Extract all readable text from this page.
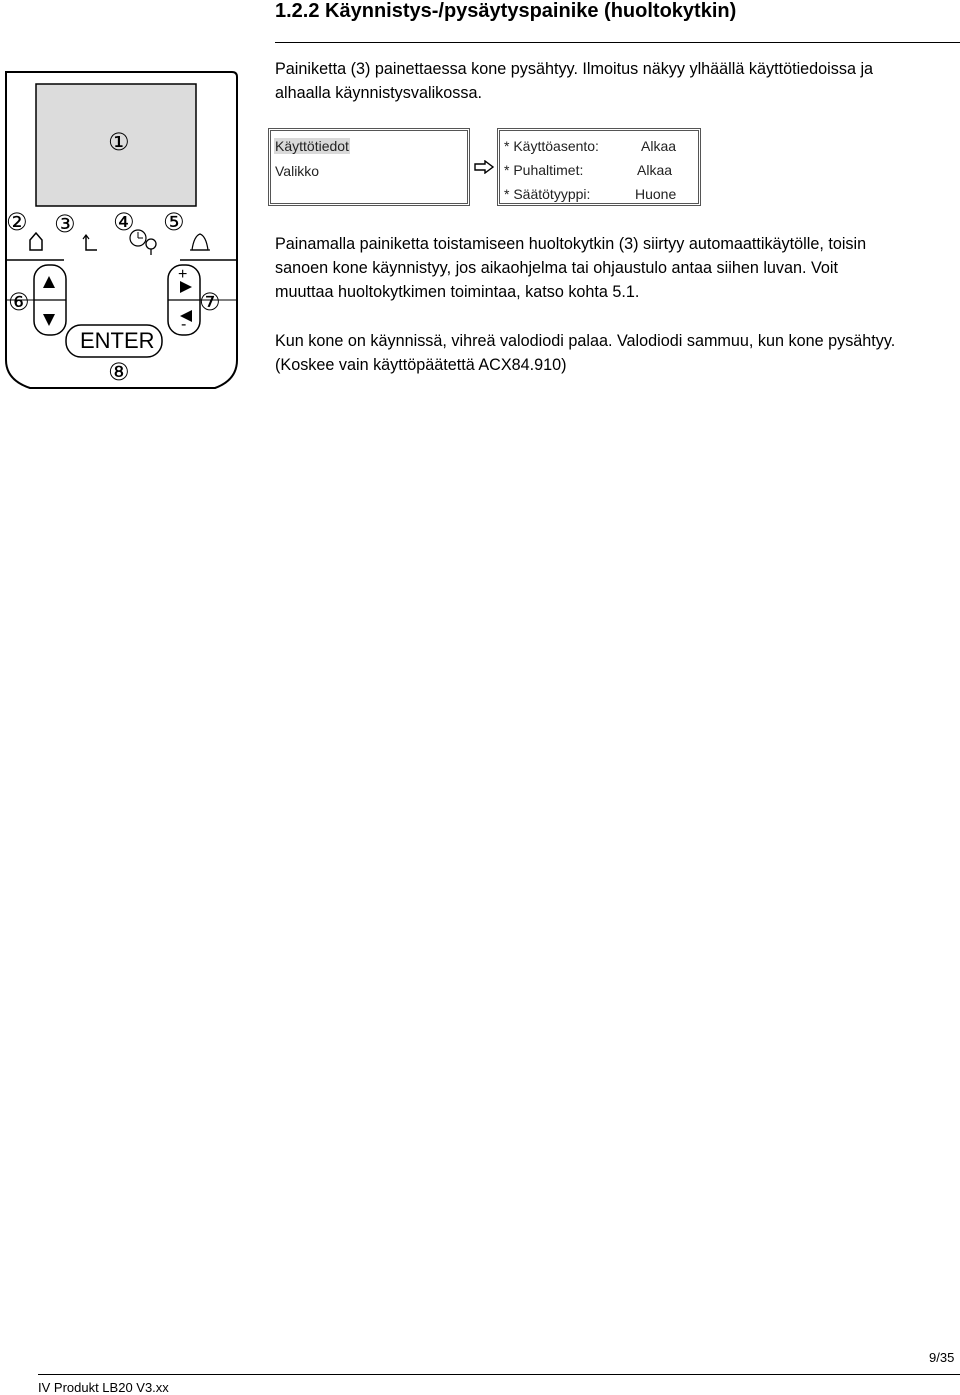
1.2.2 Käynnistys-/pysäytyspainike (huoltokytkin)
Painiketta (3) painettaessa kone pysähtyy. Ilmoitus näkyy ylhäällä käyttötiedoissa ja
alhaalla käynnistysvalikossa.
①
② ③ ④ ⑤
⑥	⑦
⑧
+
-
ENTER
Käyttötiedot
Valikko
* Käyttöasento:	Alkaa
* Puhaltimet:	Alkaa
* Säätötyyppi:	Huone
Painamalla painiketta toistamiseen huoltokytkin (3) siirtyy automaattikäytölle, toisin
sanoen kone käynnistyy, jos aikaohjelma tai ohjaustulo antaa siihen luvan. Voit
muuttaa huoltokytkimen toimintaa, katso kohta 5.1.
Kun kone on käynnissä, vihreä valodiodi palaa. Valodiodi sammuu, kun kone pysähtyy.
(Koskee vain käyttöpäätettä ACX84.910)
9/35
IV Produkt LB20 V3.xx
